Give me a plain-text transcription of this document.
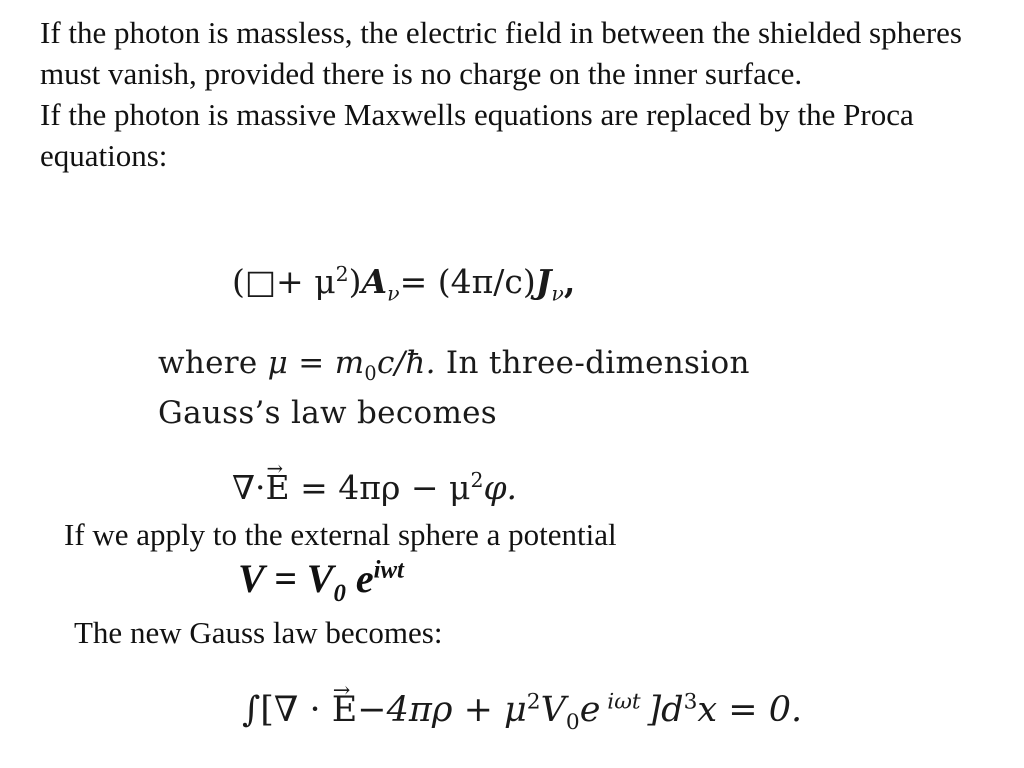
If the photon is massless, the electric field in between the shielded spheres must vanish, provided there is no charge on the inner surface.

If the photon is massive Maxwells equations are replaced by the Proca equations:

(□+ $\mu^2)A_\nu= (4\pi/c)J_\nu$,
where $\mu = m_0c/ħ$. In three-dimension
Gauss’s law becomes
∇·→ $E = 4\pi\rho - \mu^2\varphi$.
If we apply to the external sphere a potential
$V = V_0$ $e^{iwt}$
The new Gauss law becomes:
∫[∇ · → $E-4\pi\rho + \mu^2V_0e$ $^{i\omega t}$ ]$d^3x = 0$.
